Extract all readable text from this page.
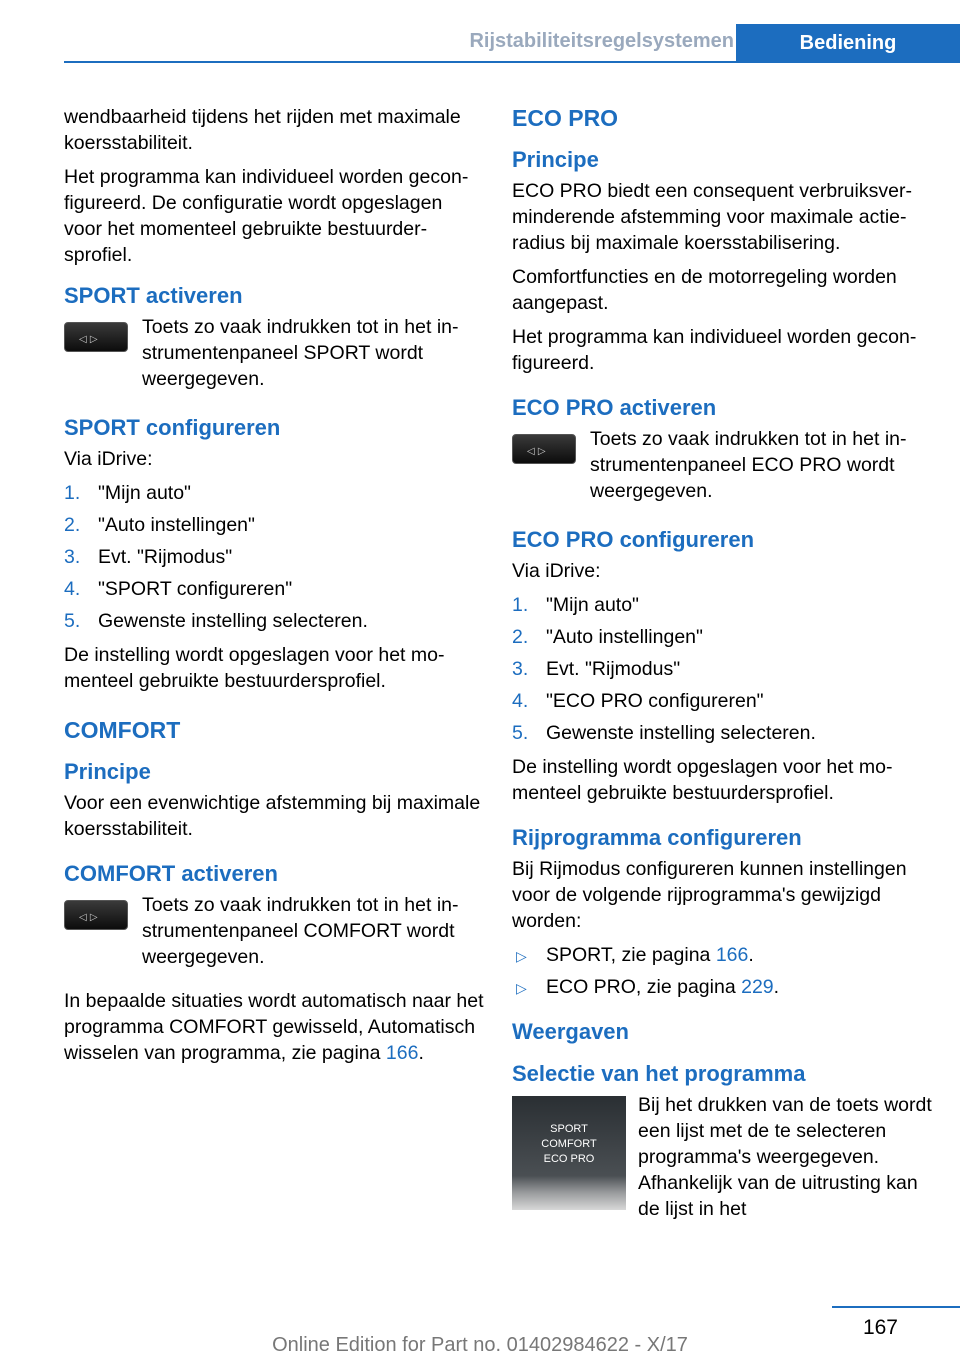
Rijstabiliteitsregelsystemen	Bediening

wendbaarheid tijdens het rijden met maximale koersstabiliteit.

Het programma kan individueel worden geconfigureerd. De configuratie wordt opgeslagen voor het momenteel gebruikte bestuurdersprofiel.

SPORT activeren
◁ ▷
Toets zo vaak indrukken tot in het instrumentenpaneel SPORT wordt weergegeven.
SPORT configureren

Via iDrive:

1. "Mijn auto"
2. "Auto instellingen"
3. Evt. "Rijmodus"
4. "SPORT configureren"
5. Gewenste instelling selecteren.

De instelling wordt opgeslagen voor het momenteel gebruikte bestuurdersprofiel.

COMFORT
Principe

Voor een evenwichtige afstemming bij maximale koersstabiliteit.

COMFORT activeren
◁ ▷
Toets zo vaak indrukken tot in het instrumentenpaneel COMFORT wordt weergegeven.

In bepaalde situaties wordt automatisch naar het programma COMFORT gewisseld, Automatisch wisselen van programma, zie pagina 166.

ECO PRO
Principe

ECO PRO biedt een consequent verbruiksverminderende afstemming voor maximale actieradius bij maximale koersstabilisering.

Comfortfuncties en de motorregeling worden aangepast.

Het programma kan individueel worden geconfigureerd.

ECO PRO activeren
◁ ▷
Toets zo vaak indrukken tot in het instrumentenpaneel ECO PRO wordt weergegeven.
ECO PRO configureren

Via iDrive:

1. "Mijn auto"
2. "Auto instellingen"
3. Evt. "Rijmodus"
4. "ECO PRO configureren"
5. Gewenste instelling selecteren.

De instelling wordt opgeslagen voor het momenteel gebruikte bestuurdersprofiel.

Rijprogramma configureren

Bij Rijmodus configureren kunnen instellingen voor de volgende rijprogramma's gewijzigd worden:

▷ SPORT, zie pagina 166.
▷ ECO PRO, zie pagina 229.
Weergaven
Selectie van het programma
SPORT
COMFORT
ECO PRO
Bij het drukken van de toets wordt een lijst met de te selecteren programma's weergegeven. Afhankelijk van de uitrusting kan de lijst in het
167
Online Edition for Part no. 01402984622 - X/17
